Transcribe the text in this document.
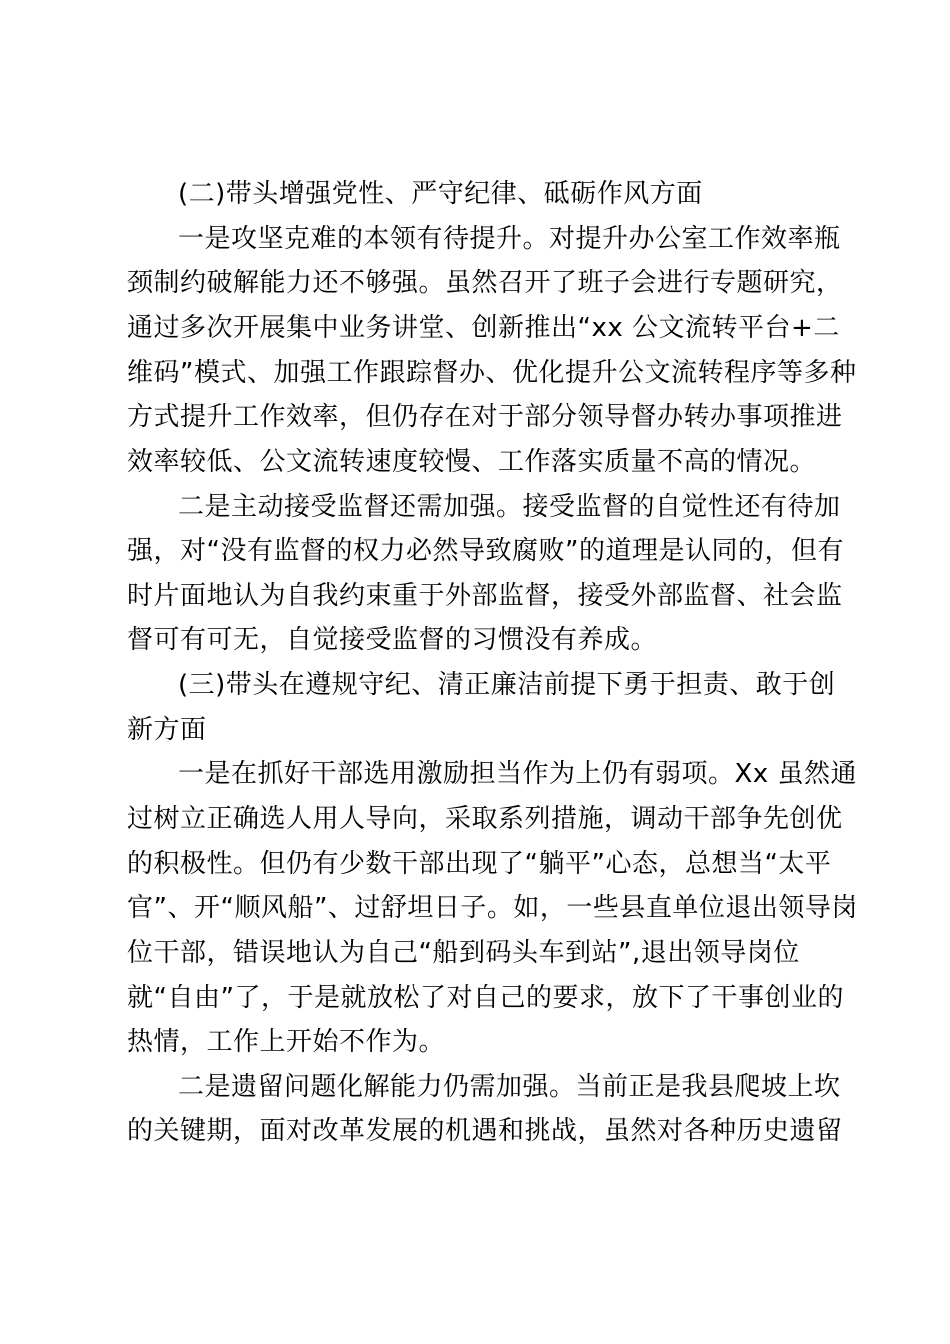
(二)带头增强党性、严守纪律、砥砺作风方面
一是攻坚克难的本领有待提升。对提升办公室工作效率瓶
颈制约破解能力还不够强。虽然召开了班子会进行专题研究，
通过多次开展集中业务讲堂、创新推出“xx 公文流转平台+二
维码”模式、加强工作跟踪督办、优化提升公文流转程序等多种
方式提升工作效率，但仍存在对于部分领导督办转办事项推进
效率较低、公文流转速度较慢、工作落实质量不高的情况。
二是主动接受监督还需加强。接受监督的自觉性还有待加
强，对“没有监督的权力必然导致腐败”的道理是认同的，但有
时片面地认为自我约束重于外部监督，接受外部监督、社会监
督可有可无，自觉接受监督的习惯没有养成。
(三)带头在遵规守纪、清正廉洁前提下勇于担责、敢于创
新方面
一是在抓好干部选用激励担当作为上仍有弱项。Xx 虽然通
过树立正确选人用人导向，采取系列措施，调动干部争先创优
的积极性。但仍有少数干部出现了“躺平”心态，总想当“太平
官”、开“顺风船”、过舒坦日子。如，一些县直单位退出领导岗
位干部，错误地认为自己“船到码头车到站”,退出领导岗位
就“自由”了，于是就放松了对自己的要求，放下了干事创业的
热情，工作上开始不作为。
二是遗留问题化解能力仍需加强。当前正是我县爬坡上坎
的关键期，面对改革发展的机遇和挑战，虽然对各种历史遗留
